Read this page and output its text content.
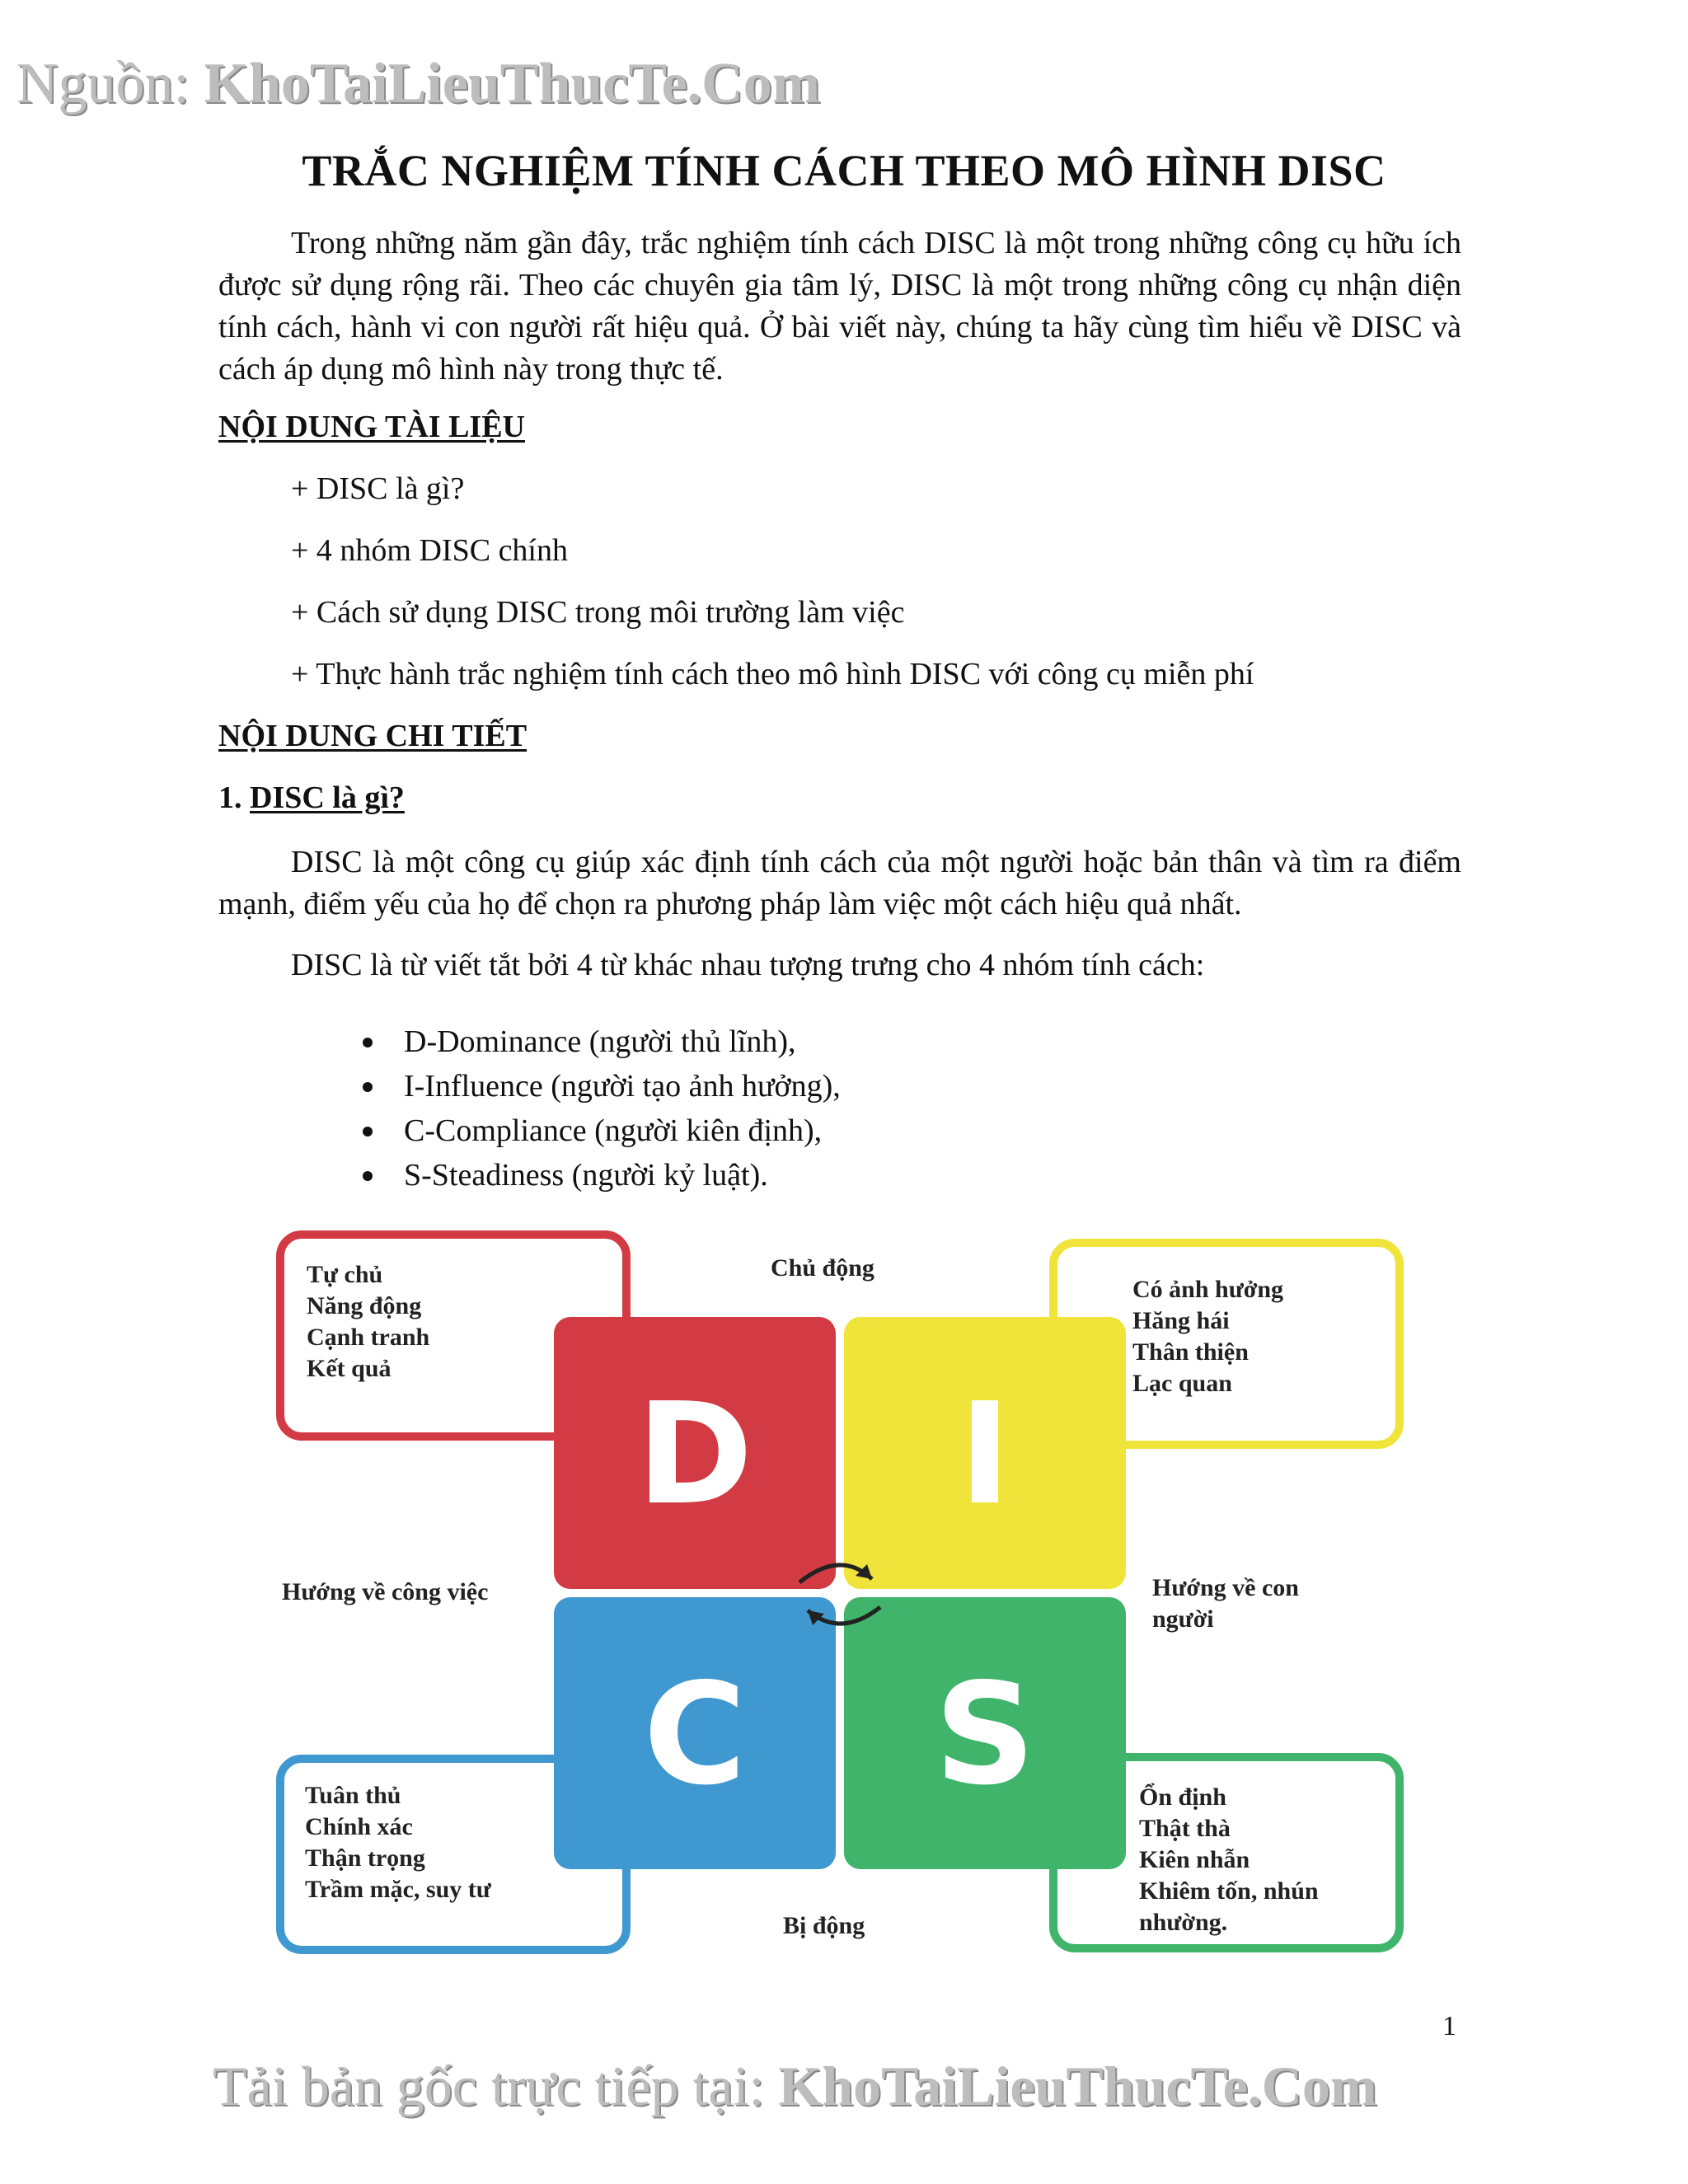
Nguồn: KhoTaiLieuThucTe.Com
TRẮC NGHIỆM TÍNH CÁCH THEO MÔ HÌNH DISC

Trong những năm gần đây, trắc nghiệm tính cách DISC là một trong những công cụ hữu ích được sử dụng rộng rãi. Theo các chuyên gia tâm lý, DISC là một trong những công cụ nhận diện tính cách, hành vi con người rất hiệu quả. Ở bài viết này, chúng ta hãy cùng tìm hiểu về DISC và cách áp dụng mô hình này trong thực tế.

NỘI DUNG TÀI LIỆU
+ DISC là gì?
+ 4 nhóm DISC chính
+ Cách sử dụng DISC trong môi trường làm việc
+ Thực hành trắc nghiệm tính cách theo mô hình DISC với công cụ miễn phí
NỘI DUNG CHI TIẾT
1. DISC là gì?

DISC là một công cụ giúp xác định tính cách của một người hoặc bản thân và tìm ra điểm mạnh, điểm yếu của họ để chọn ra phương pháp làm việc một cách hiệu quả nhất.

DISC là từ viết tắt bởi 4 từ khác nhau tượng trưng cho 4 nhóm tính cách:

D-Dominance (người thủ lĩnh),
I-Influence (người tạo ảnh hưởng),
C-Compliance (người kiên định),
S-Steadiness (người kỷ luật).
D I
C S
Chủ động
Bị động
Hướng về công việc	Hướng về con
người
Tự chủ
Năng động
Cạnh tranh
Kết quả
Có ảnh hưởng
Hăng hái
Thân thiện
Lạc quan
Tuân thủ
Chính xác
Thận trọng
Trầm mặc, suy tư
Ổn định
Thật thà
Kiên nhẫn
Khiêm tốn, nhún
nhường.
1
Tải bản gốc trực tiếp tại: KhoTaiLieuThucTe.Com
